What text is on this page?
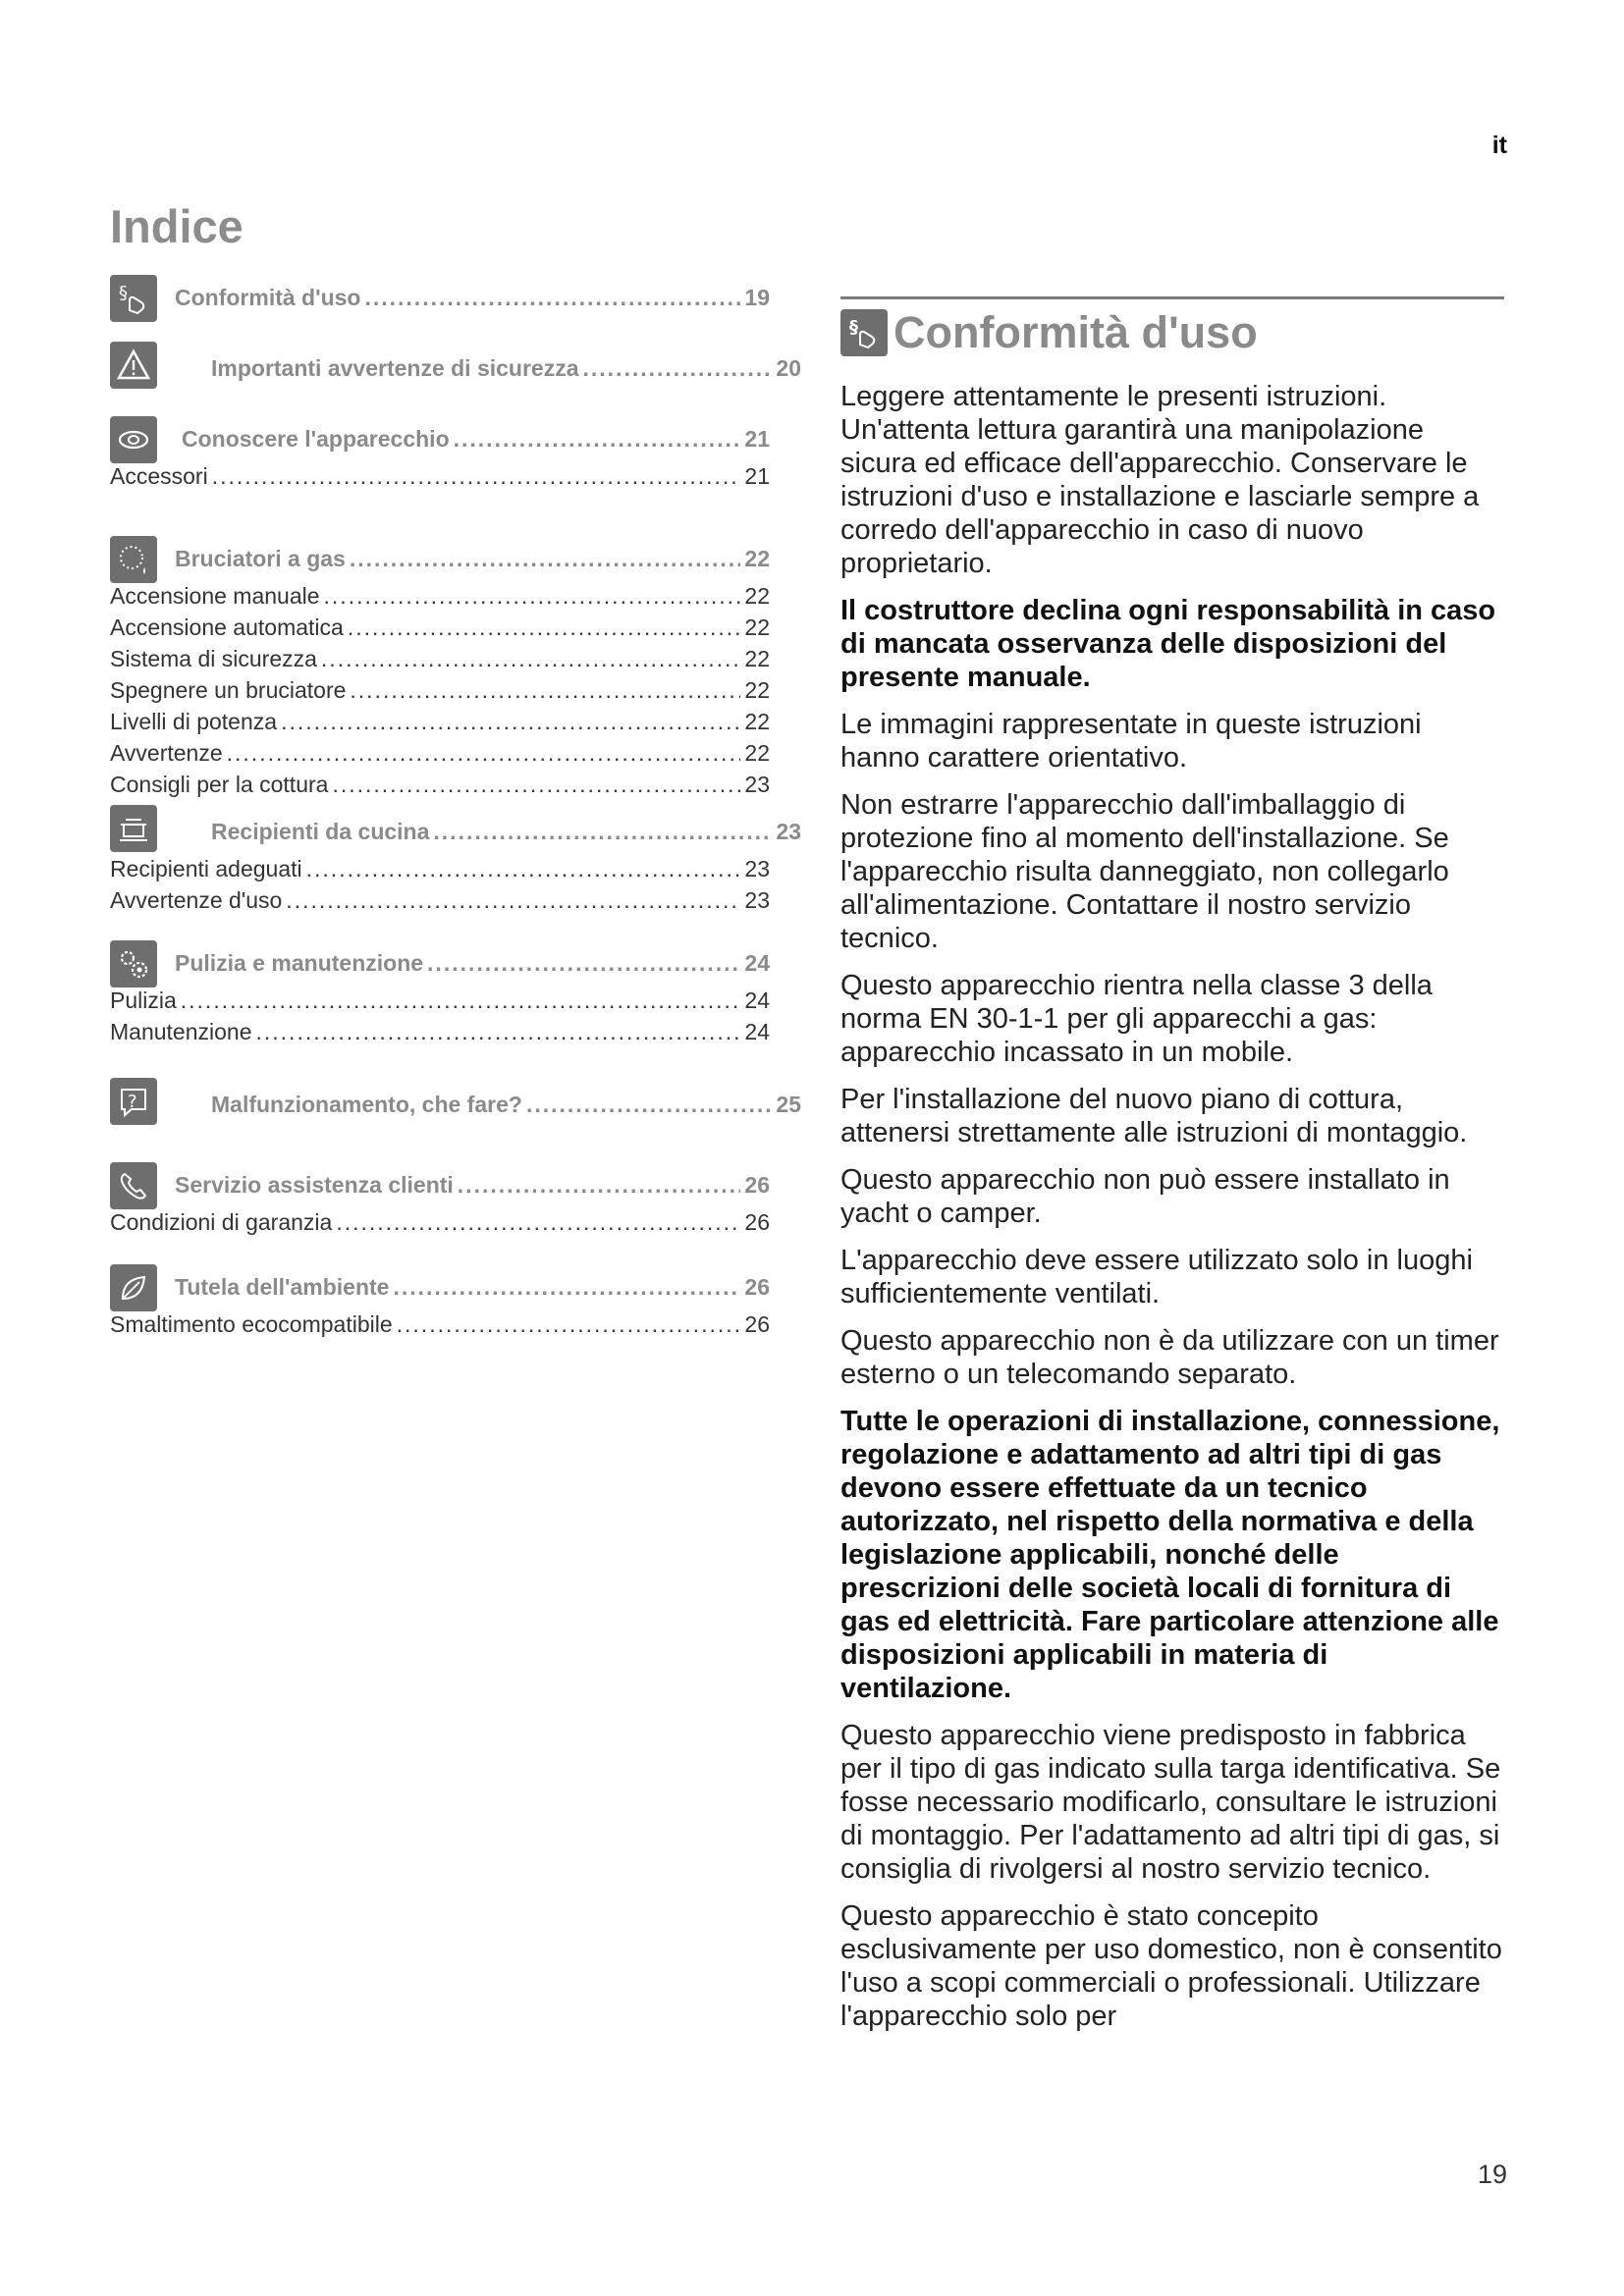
it
Indice
§ Conformità d'uso .....	19
Importanti avvertenze di sicurezza .....	20
Conoscere l'apparecchio .....	21
Accessori .....	21
Bruciatori a gas .....	22
Accensione manuale .....	22
Accensione automatica .....	22
Sistema di sicurezza .....	22
Spegnere un bruciatore .....	22
Livelli di potenza .....	22
Avvertenze .....	22
Consigli per la cottura .....	23
Recipienti da cucina .....	23
Recipienti adeguati .....	23
Avvertenze d'uso .....	23
Pulizia e manutenzione .....	24
Pulizia .....	24
Manutenzione .....	24
?	Malfunzionamento, che fare? .....	25
Servizio assistenza clienti .....	26
Condizioni di garanzia .....	26
Tutela dell'ambiente .....	26
Smaltimento ecocompatibile .....	26
§ Conformità d'uso

Leggere attentamente le presenti istruzioni. Un'attenta lettura garantirà una manipolazione sicura ed efficace dell'apparecchio. Conservare le istruzioni d'uso e installazione e lasciarle sempre a corredo dell'apparecchio in caso di nuovo proprietario.

Il costruttore declina ogni responsabilità in caso di mancata osservanza delle disposizioni del presente manuale.

Le immagini rappresentate in queste istruzioni hanno carattere orientativo.

Non estrarre l'apparecchio dall'imballaggio di protezione fino al momento dell'installazione. Se l'apparecchio risulta danneggiato, non collegarlo all'alimentazione. Contattare il nostro servizio tecnico.

Questo apparecchio rientra nella classe 3 della norma EN 30-1-1 per gli apparecchi a gas: apparecchio incassato in un mobile.

Per l'installazione del nuovo piano di cottura, attenersi strettamente alle istruzioni di montaggio.

Questo apparecchio non può essere installato in yacht o camper.

L'apparecchio deve essere utilizzato solo in luoghi sufficientemente ventilati.

Questo apparecchio non è da utilizzare con un timer esterno o un telecomando separato.

Tutte le operazioni di installazione, connessione, regolazione e adattamento ad altri tipi di gas devono essere effettuate da un tecnico autorizzato, nel rispetto della normativa e della legislazione applicabili, nonché delle prescrizioni delle società locali di fornitura di gas ed elettricità. Fare particolare attenzione alle disposizioni applicabili in materia di ventilazione.

Questo apparecchio viene predisposto in fabbrica per il tipo di gas indicato sulla targa identificativa. Se fosse necessario modificarlo, consultare le istruzioni di montaggio. Per l'adattamento ad altri tipi di gas, si consiglia di rivolgersi al nostro servizio tecnico.

Questo apparecchio è stato concepito esclusivamente per uso domestico, non è consentito l'uso a scopi commerciali o professionali. Utilizzare l'apparecchio solo per

19
